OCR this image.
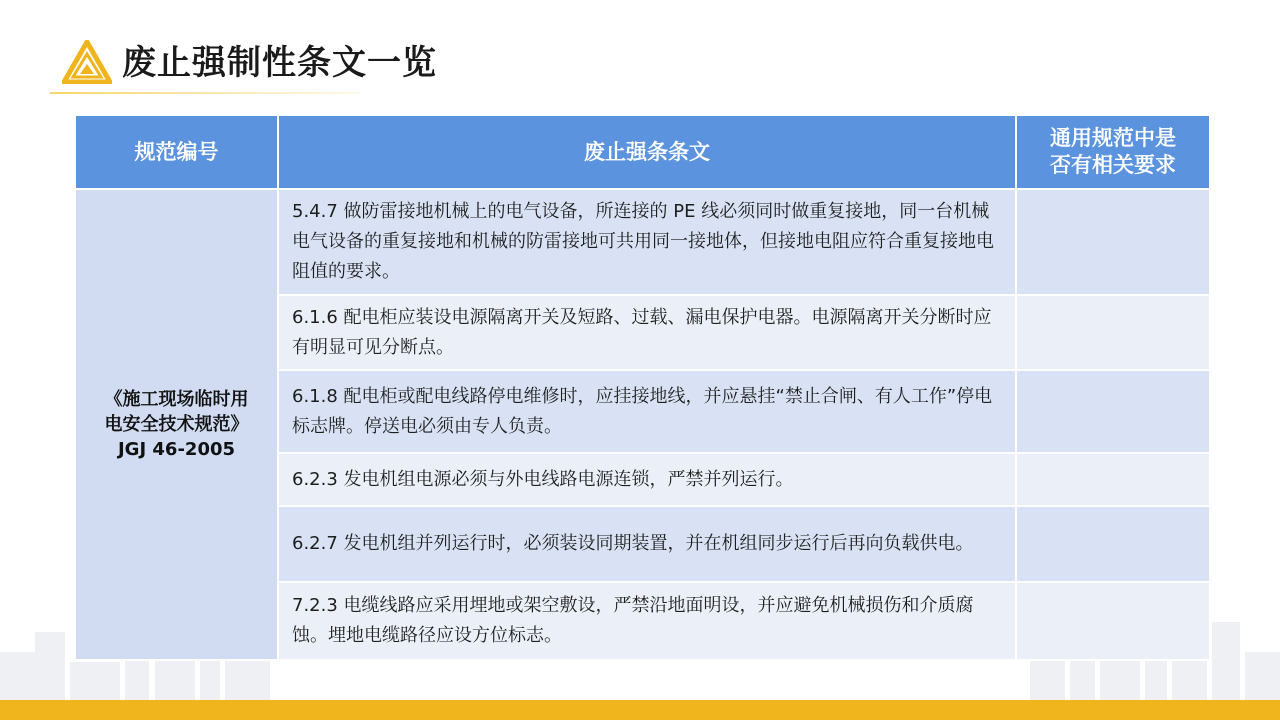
废止强制性条文一览
规范编号	废止强条条文	通用规范中是
否有相关要求

《施工现场临时用
电安全技术规范》
JGJ 46-2005	5.4.7 做防雷接地机械上的电气设备，所连接的 PE 线必须同时做重复接地，同一台机械电气设备的重复接地和机械的防雷接地可共用同一接地体，但接地电阻应符合重复接地电阻值的要求。	
	6.1.6 配电柜应装设电源隔离开关及短路、过载、漏电保护电器。电源隔离开关分断时应有明显可见分断点。	
	6.1.8 配电柜或配电线路停电维修时，应挂接地线，并应悬挂“禁止合闸、有人工作”停电标志牌。停送电必须由专人负责。	
	6.2.3 发电机组电源必须与外电线路电源连锁，严禁并列运行。	
	6.2.7 发电机组并列运行时，必须装设同期装置，并在机组同步运行后再向负载供电。	
	7.2.3 电缆线路应采用埋地或架空敷设，严禁沿地面明设，并应避免机械损伤和介质腐蚀。埋地电缆路径应设方位标志。	
